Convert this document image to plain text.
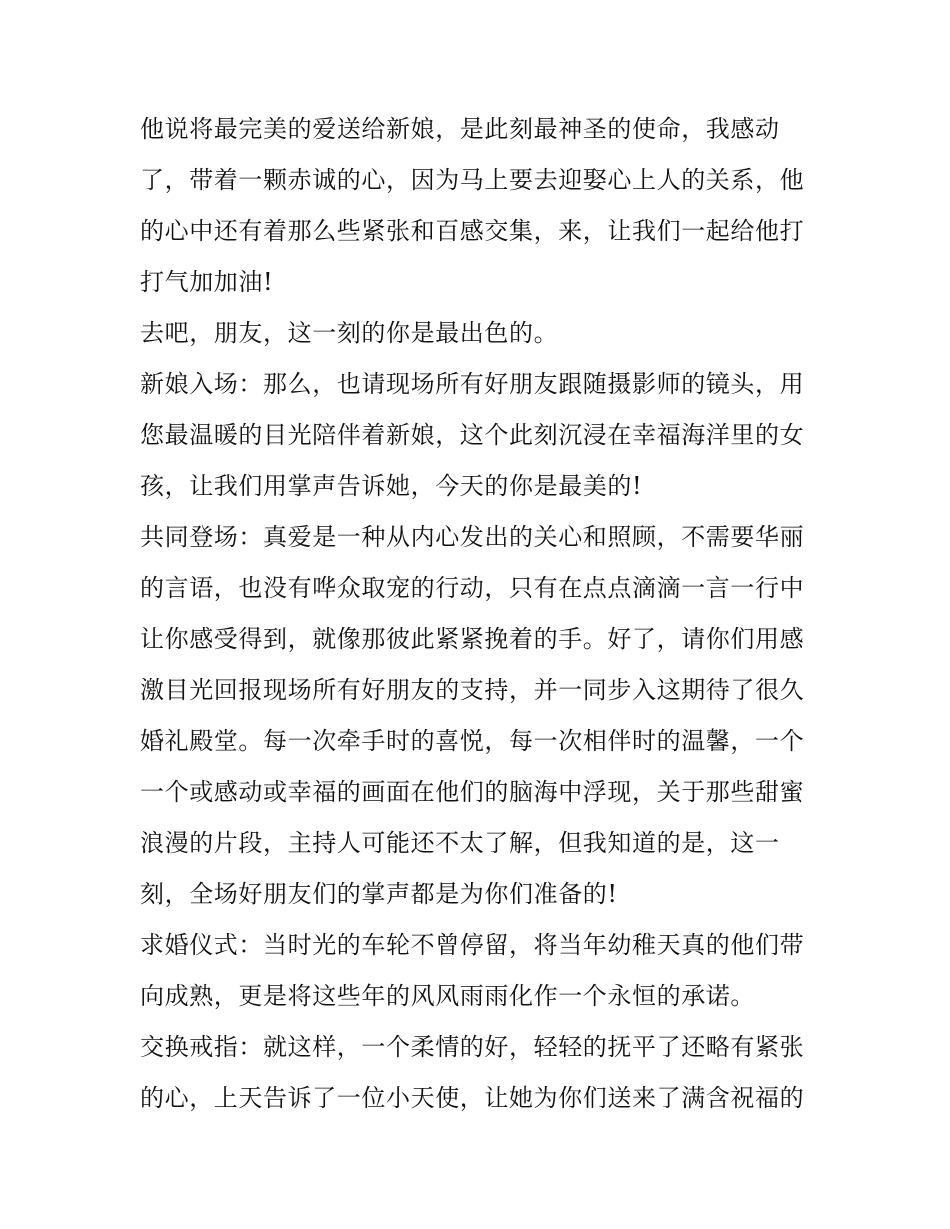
他说将最完美的爱送给新娘，是此刻最神圣的使命，我感动
了，带着一颗赤诚的心，因为马上要去迎娶心上人的关系，他
的心中还有着那么些紧张和百感交集，来，让我们一起给他打
打气加加油!
去吧，朋友，这一刻的你是最出色的。
新娘入场：那么，也请现场所有好朋友跟随摄影师的镜头，用
您最温暖的目光陪伴着新娘，这个此刻沉浸在幸福海洋里的女
孩，让我们用掌声告诉她，今天的你是最美的!
共同登场：真爱是一种从内心发出的关心和照顾，不需要华丽
的言语，也没有哗众取宠的行动，只有在点点滴滴一言一行中
让你感受得到，就像那彼此紧紧挽着的手。好了，请你们用感
激目光回报现场所有好朋友的支持，并一同步入这期待了很久
婚礼殿堂。每一次牵手时的喜悦，每一次相伴时的温馨，一个
一个或感动或幸福的画面在他们的脑海中浮现，关于那些甜蜜
浪漫的片段，主持人可能还不太了解，但我知道的是，这一
刻，全场好朋友们的掌声都是为你们准备的!
求婚仪式：当时光的车轮不曾停留，将当年幼稚天真的他们带
向成熟，更是将这些年的风风雨雨化作一个永恒的承诺。
交换戒指：就这样，一个柔情的好，轻轻的抚平了还略有紧张
的心，上天告诉了一位小天使，让她为你们送来了满含祝福的
